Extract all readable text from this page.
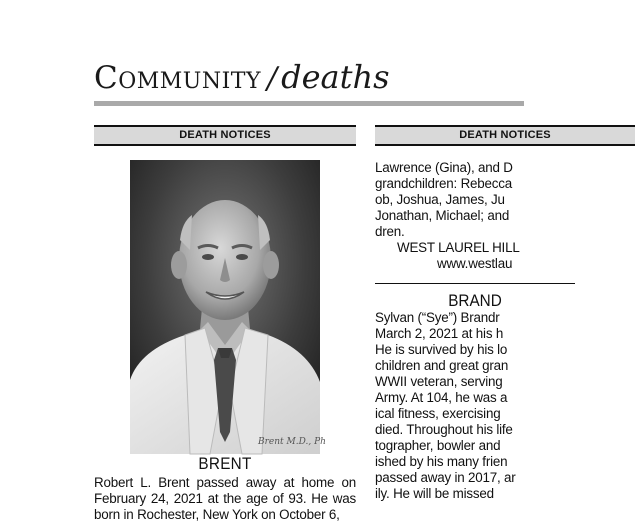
Community / deaths
DEATH NOTICES
Brent M.D., Ph
BRENT

Robert L. Brent passed away at home on February 24, 2021 at the age of 93. He was born in Rochester, New York on October 6,

DEATH NOTICES

Lawrence (Gina), and D

grandchildren: Rebecca

ob, Joshua, James, Ju

Jonathan, Michael; and

dren.

WEST LAUREL HILL

www.westlau

BRAND

Sylvan (“Sye”) Brandr

March 2, 2021 at his h

He is survived by his lo

children and great gran

WWII veteran, serving

Army. At 104, he was a

ical fitness, exercising

died. Throughout his life

tographer, bowler and

ished by his many frien

passed away in 2017, ar

ily. He will be missed
